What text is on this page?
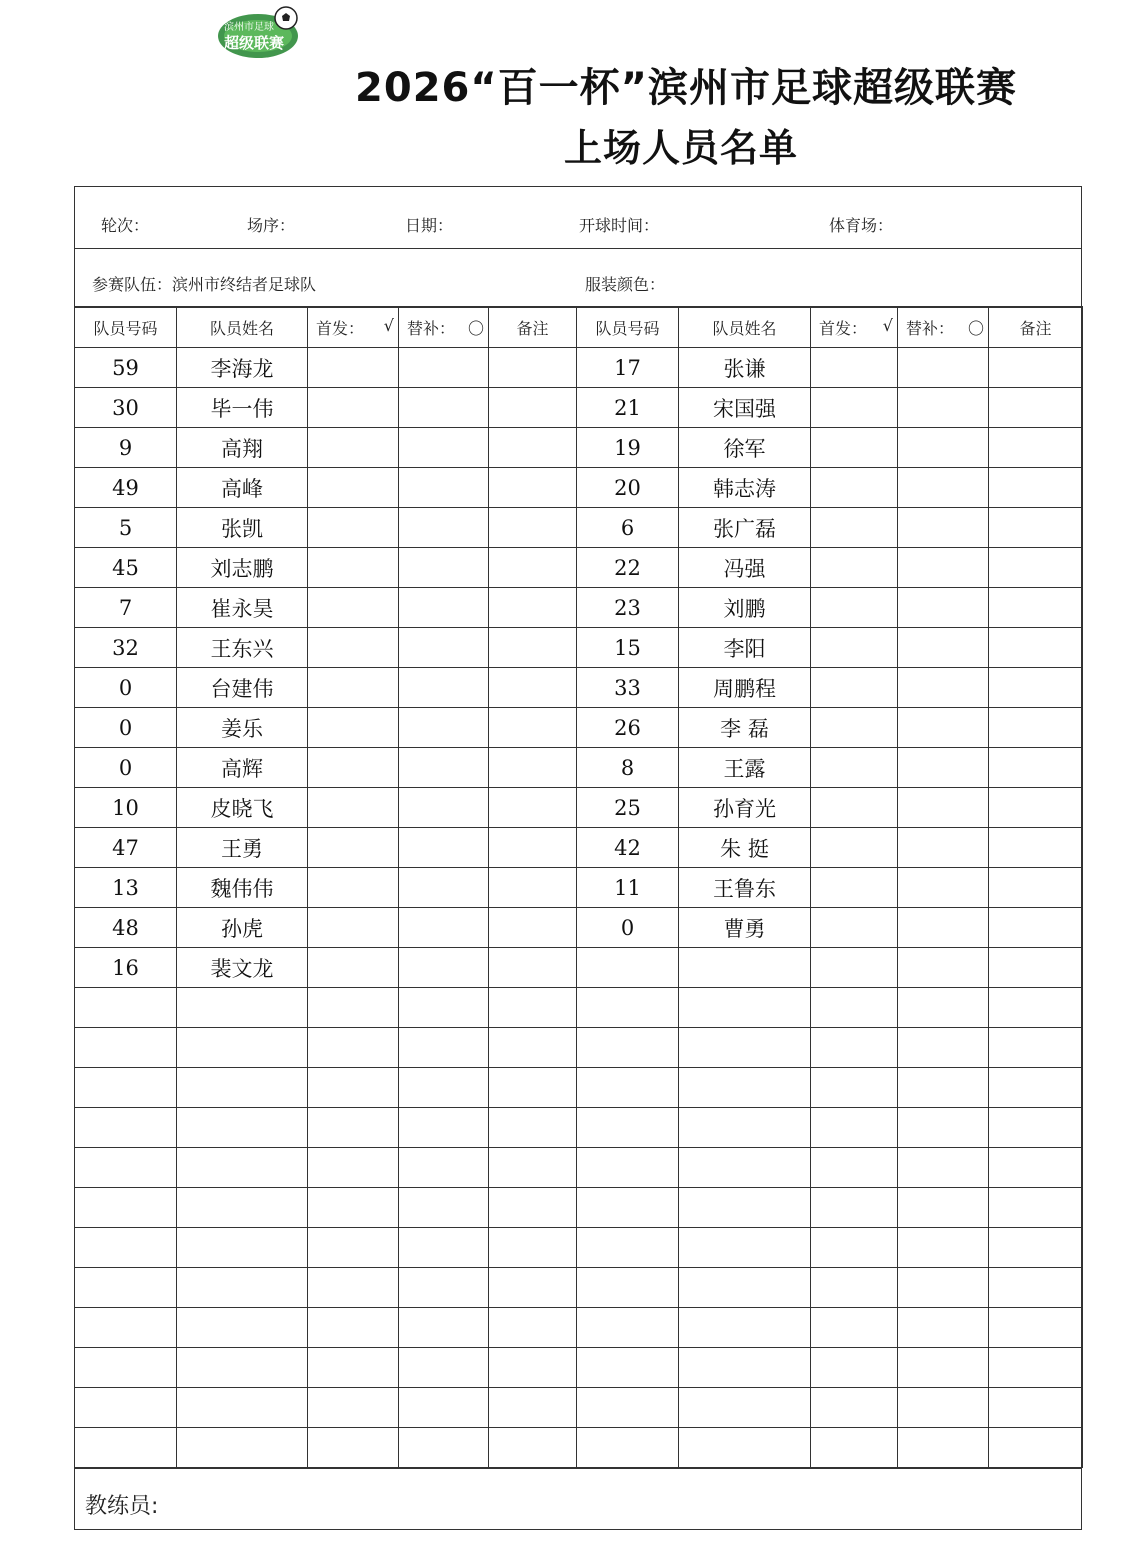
滨州市足球
超级联赛
2026“百一杯”滨州市足球超级联赛
上场人员名单
轮次：	场序：	日期：	开球时间：	体育场：
参赛队伍：滨州市终结者足球队	服装颜色：
队员号码	队员姓名	首发： √	替补： 〇	备注	队员号码	队员姓名	首发： √	替补： 〇	备注
59	李海龙				17	张谦			
30	毕一伟				21	宋国强			
9	高翔				19	徐军			
49	高峰				20	韩志涛			
5	张凯				6	张广磊			
45	刘志鹏				22	冯强			
7	崔永昊				23	刘鹏			
32	王东兴				15	李阳			
0	台建伟				33	周鹏程			
0	姜乐				26	李 磊			
0	高辉				8	王露			
10	皮晓飞				25	孙育光			
47	王勇				42	朱 挺			
13	魏伟伟				11	王鲁东			
48	孙虎				0	曹勇			
16	裴文龙								

教练员:
